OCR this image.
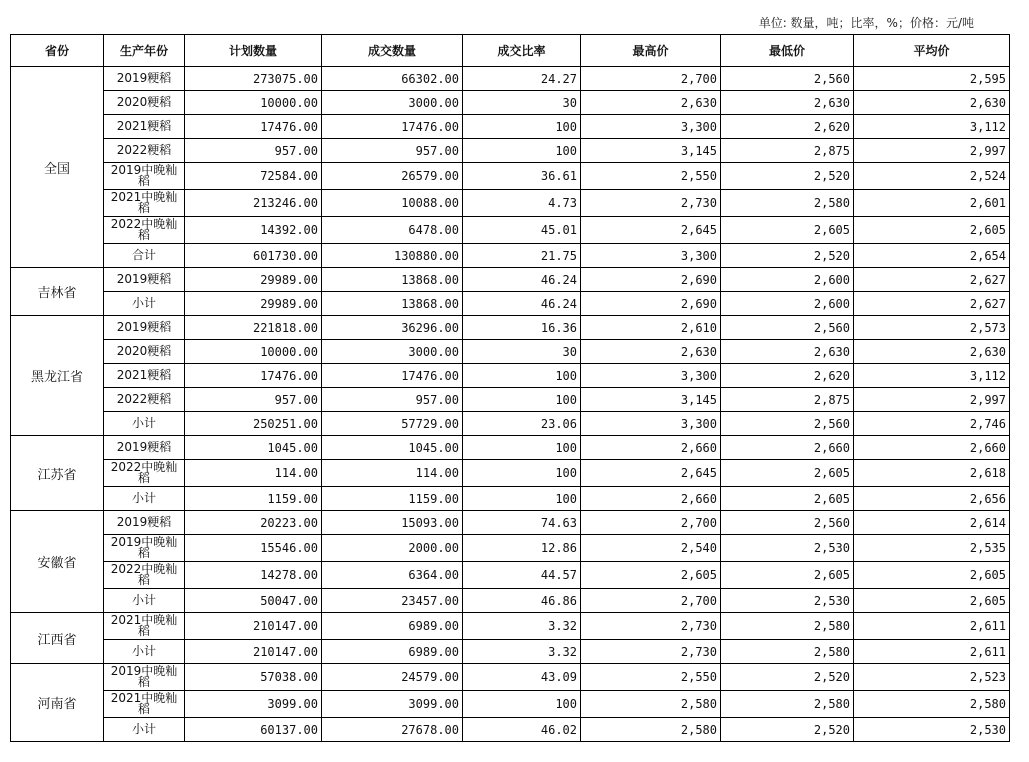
单位: 数量，吨；比率，%；价格：元/吨
省份	生产年份	计划数量	成交数量	成交比率	最高价	最低价	平均价
全国	2019粳稻	273075.00	66302.00	24.27	2,700	2,560	2,595
	2020粳稻	10000.00	3000.00	30	2,630	2,630	2,630
	2021粳稻	17476.00	17476.00	100	3,300	2,620	3,112
	2022粳稻	957.00	957.00	100	3,145	2,875	2,997
	2019中晚籼稻	72584.00	26579.00	36.61	2,550	2,520	2,524
	2021中晚籼稻	213246.00	10088.00	4.73	2,730	2,580	2,601
	2022中晚籼稻	14392.00	6478.00	45.01	2,645	2,605	2,605
	合计	601730.00	130880.00	21.75	3,300	2,520	2,654
吉林省	2019粳稻	29989.00	13868.00	46.24	2,690	2,600	2,627
	小计	29989.00	13868.00	46.24	2,690	2,600	2,627
黑龙江省	2019粳稻	221818.00	36296.00	16.36	2,610	2,560	2,573
	2020粳稻	10000.00	3000.00	30	2,630	2,630	2,630
	2021粳稻	17476.00	17476.00	100	3,300	2,620	3,112
	2022粳稻	957.00	957.00	100	3,145	2,875	2,997
	小计	250251.00	57729.00	23.06	3,300	2,560	2,746
江苏省	2019粳稻	1045.00	1045.00	100	2,660	2,660	2,660
	2022中晚籼稻	114.00	114.00	100	2,645	2,605	2,618
	小计	1159.00	1159.00	100	2,660	2,605	2,656
安徽省	2019粳稻	20223.00	15093.00	74.63	2,700	2,560	2,614
	2019中晚籼稻	15546.00	2000.00	12.86	2,540	2,530	2,535
	2022中晚籼稻	14278.00	6364.00	44.57	2,605	2,605	2,605
	小计	50047.00	23457.00	46.86	2,700	2,530	2,605
江西省	2021中晚籼稻	210147.00	6989.00	3.32	2,730	2,580	2,611
	小计	210147.00	6989.00	3.32	2,730	2,580	2,611
河南省	2019中晚籼稻	57038.00	24579.00	43.09	2,550	2,520	2,523
	2021中晚籼稻	3099.00	3099.00	100	2,580	2,580	2,580
	小计	60137.00	27678.00	46.02	2,580	2,520	2,530
